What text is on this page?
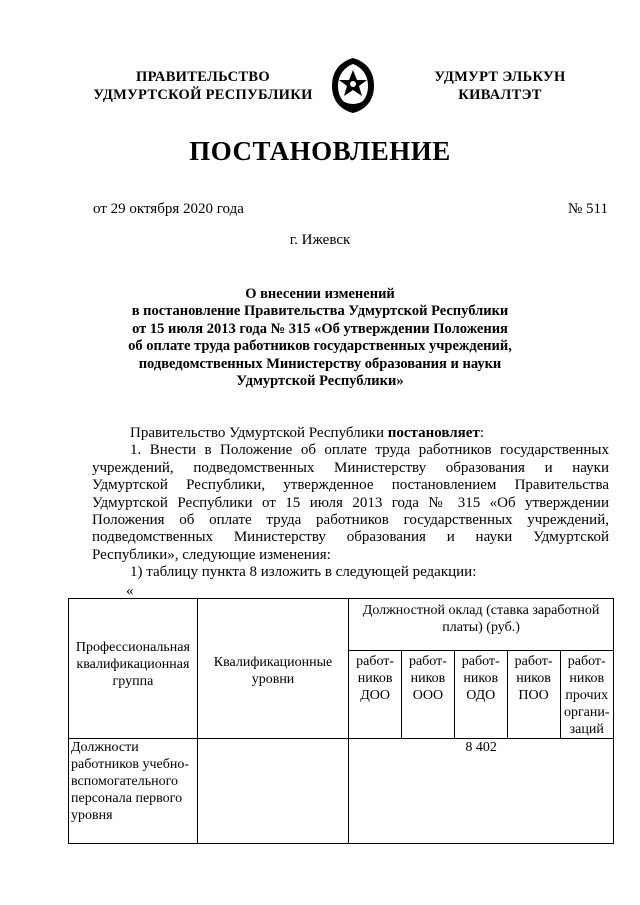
ПРАВИТЕЛЬСТВО
УДМУРТСКОЙ РЕСПУБЛИКИ
УДМУРТ ЭЛЬКУН
КИВАЛТЭТ
ПОСТАНОВЛЕНИЕ
от 29 октября 2020 года	№ 511
г. Ижевск
О внесении изменений
в постановление Правительства Удмуртской Республики
от 15 июля 2013 года № 315 «Об утверждении Положения
об оплате труда работников государственных учреждений,
подведомственных Министерству образования и науки
Удмуртской Республики»

Правительство Удмуртской Республики постановляет:

1. Внести в Положение об оплате труда работников государственных учреждений, подведомственных Министерству образования и науки Удмуртской Республики, утвержденное постановлением Правительства Удмуртской Республики от 15 июля 2013 года № 315 «Об утверждении Положения об оплате труда работников государственных учреждений, подведомственных Министерству образования и науки Удмуртской Республики», следующие изменения:

1) таблицу пункта 8 изложить в следующей редакции:

«
Профессиональная квалификационная группа	Квалификационные уровни	Должностной оклад (ставка заработной платы) (руб.)				
		работ-ников ДОО	работ-ников ООО	работ-ников ОДО	работ-ников ПОО	работ-ников прочих органи-заций
Должности работников учебно-вспомогательного персонала первого уровня		8 402				
